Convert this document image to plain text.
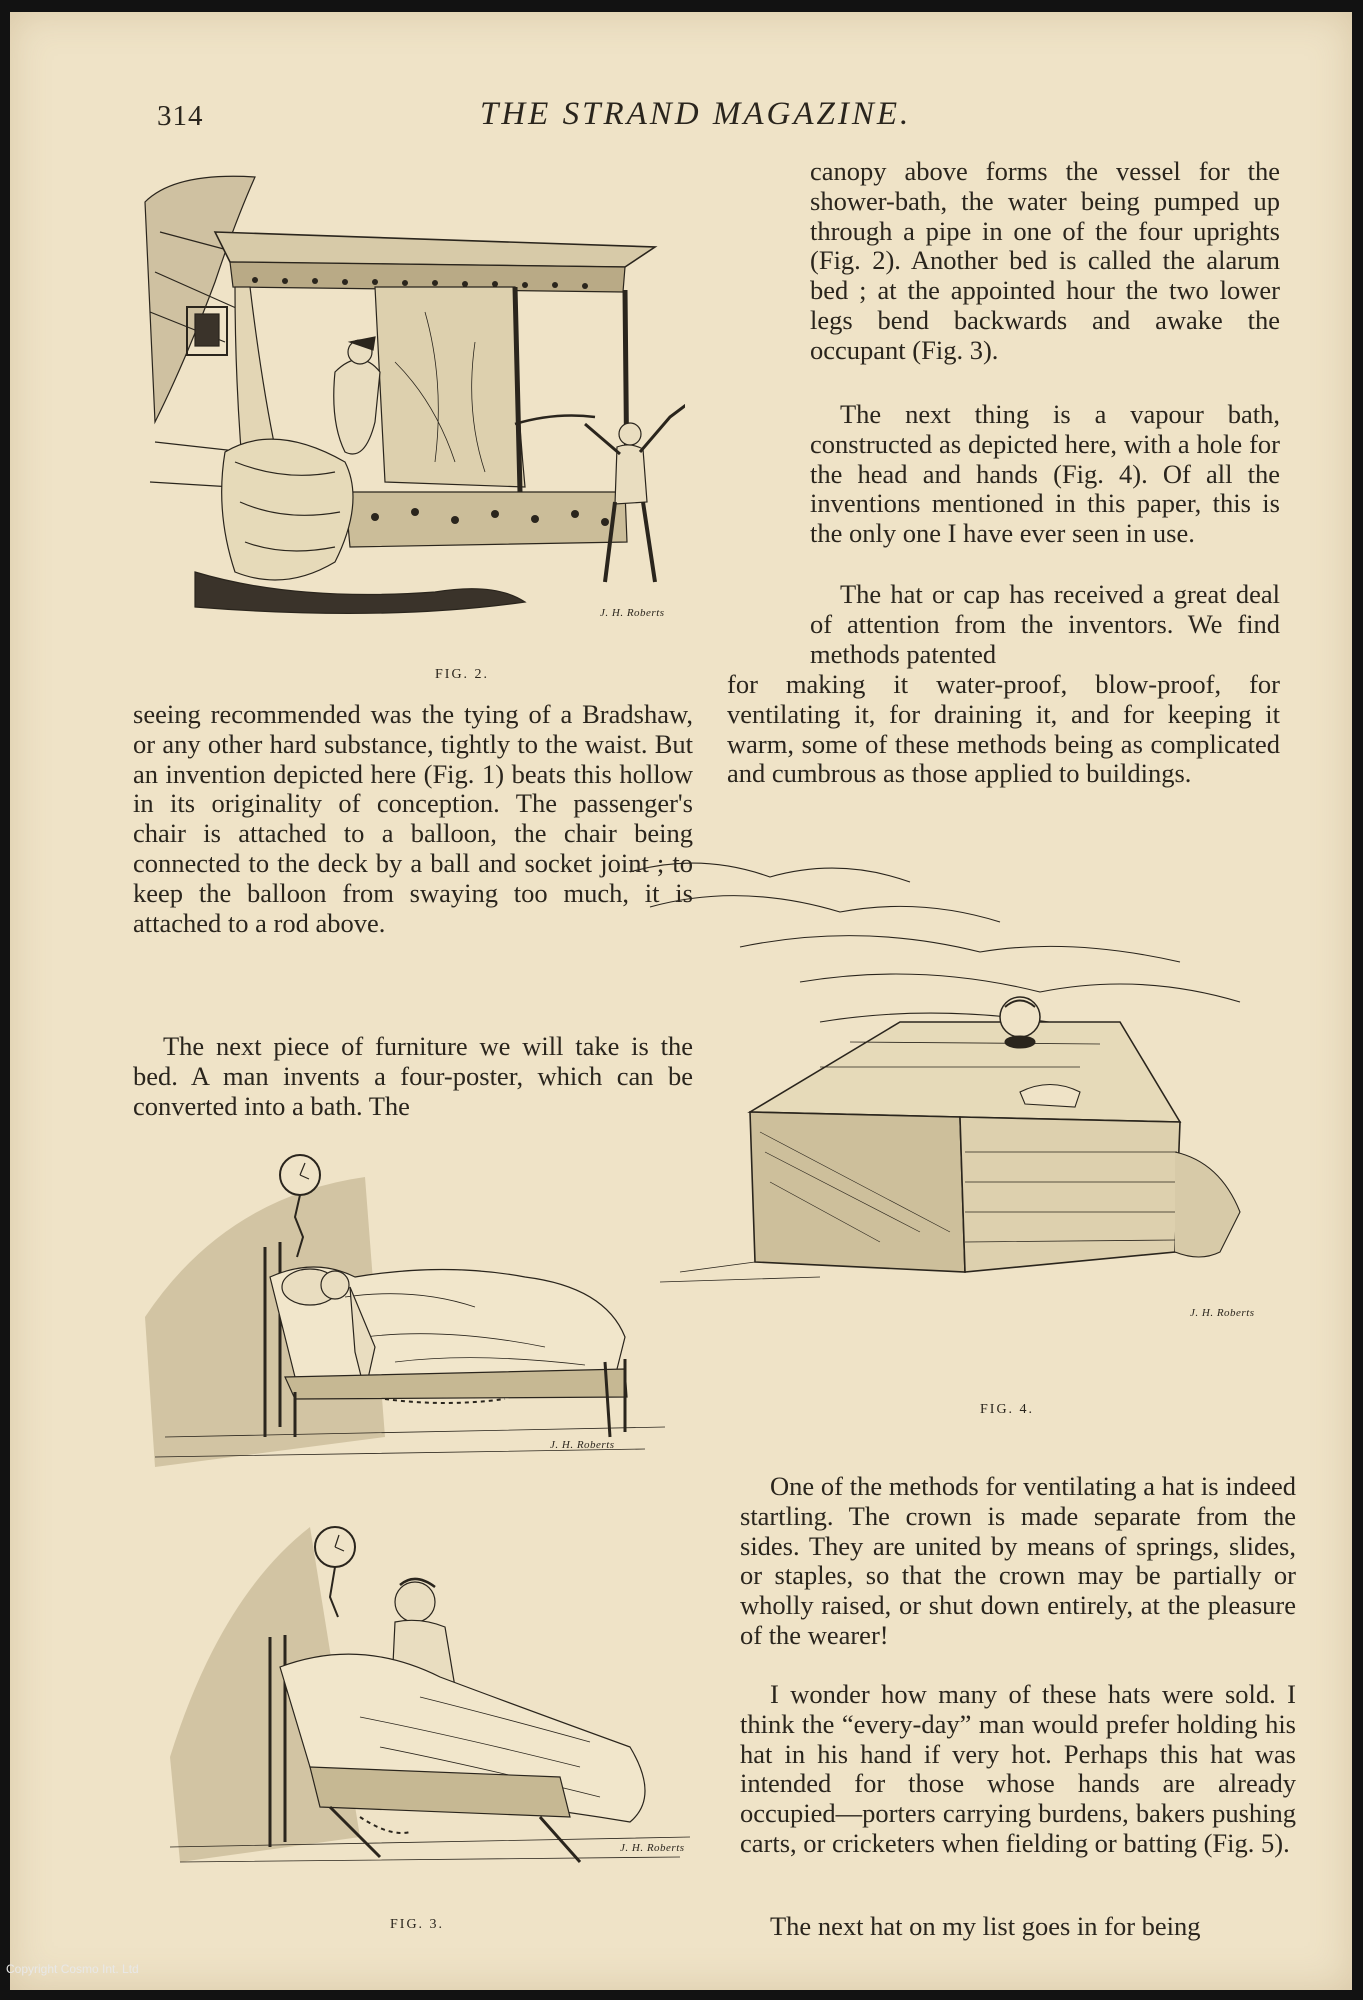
314	THE STRAND MAGAZINE.
J. H. Roberts
FIG. 2.

canopy above forms the vessel for the shower-bath, the water being pumped up through a pipe in one of the four uprights (Fig. 2). Another bed is called the alarum bed ; at the appointed hour the two lower legs bend backwards and awake the occupant (Fig. 3).

The next thing is a vapour bath, constructed as depicted here, with a hole for the head and hands (Fig. 4). Of all the inventions mentioned in this paper, this is the only one I have ever seen in use.

The hat or cap has received a great deal of attention from the inventors. We find methods patented

for making it water-proof, blow-proof, for ventilating it, for draining it, and for keeping it warm, some of these methods being as complicated and cumbrous as those applied to buildings.

seeing recommended was the tying of a Bradshaw, or any other hard substance, tightly to the waist. But an invention depicted here (Fig. 1) beats this hollow in its originality of conception. The passenger's chair is attached to a balloon, the chair being connected to the deck by a ball and socket joint ; to keep the balloon from swaying too much, it is attached to a rod above.

The next piece of furniture we will take is the bed. A man invents a four-poster, which can be converted into a bath. The

J. H. Roberts
J. H. Roberts
FIG. 3.
J. H. Roberts
FIG. 4.

One of the methods for ventilating a hat is indeed startling. The crown is made separate from the sides. They are united by means of springs, slides, or staples, so that the crown may be partially or wholly raised, or shut down entirely, at the pleasure of the wearer!

I wonder how many of these hats were sold. I think the “every-day” man would prefer holding his hat in his hand if very hot. Perhaps this hat was intended for those whose hands are already occupied—porters carrying burdens, bakers pushing carts, or cricketers when fielding or batting (Fig. 5).

The next hat on my list goes in for being

Copyright Cosmo Int. Ltd
